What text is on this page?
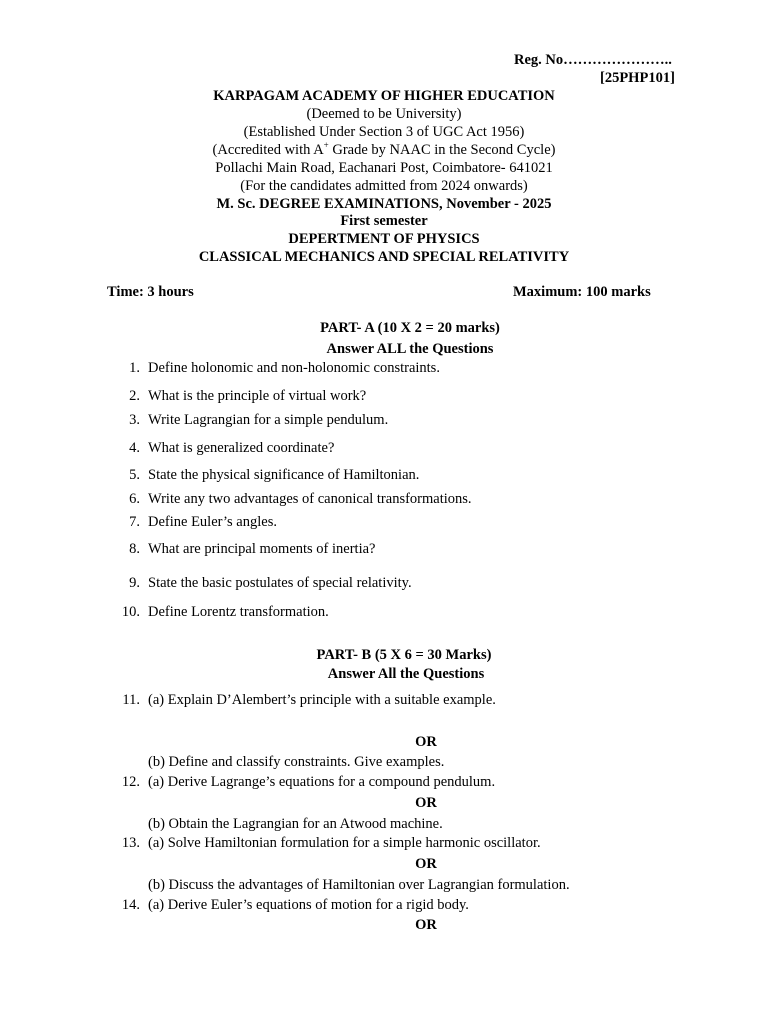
Reg. No…………………..
[25PHP101]
KARPAGAM ACADEMY OF HIGHER EDUCATION
(Deemed to be University)
(Established Under Section 3 of UGC Act 1956)
(Accredited with A+ Grade by NAAC in the Second Cycle)
Pollachi Main Road, Eachanari Post, Coimbatore- 641021
(For the candidates admitted from 2024 onwards)
M. Sc. DEGREE EXAMINATIONS, November - 2025
First semester
DEPERTMENT OF PHYSICS
CLASSICAL MECHANICS AND SPECIAL RELATIVITY
Time: 3 hours	Maximum: 100 marks
PART- A (10 X 2 = 20 marks)
Answer ALL the Questions
1. Define holonomic and non-holonomic constraints.
2. What is the principle of virtual work?
3. Write Lagrangian for a simple pendulum.
4. What is generalized coordinate?
5. State the physical significance of Hamiltonian.
6. Write any two advantages of canonical transformations.
7. Define Euler’s angles.
8. What are principal moments of inertia?
9. State the basic postulates of special relativity.
10. Define Lorentz transformation.
PART- B (5 X 6 = 30 Marks)
Answer All the Questions
11. (a) Explain D’Alembert’s principle with a suitable example.
OR
(b) Define and classify constraints. Give examples.
12. (a) Derive Lagrange’s equations for a compound pendulum.
OR
(b) Obtain the Lagrangian for an Atwood machine.
13. (a) Solve Hamiltonian formulation for a simple harmonic oscillator.
OR
(b) Discuss the advantages of Hamiltonian over Lagrangian formulation.
14. (a) Derive Euler’s equations of motion for a rigid body.
OR
